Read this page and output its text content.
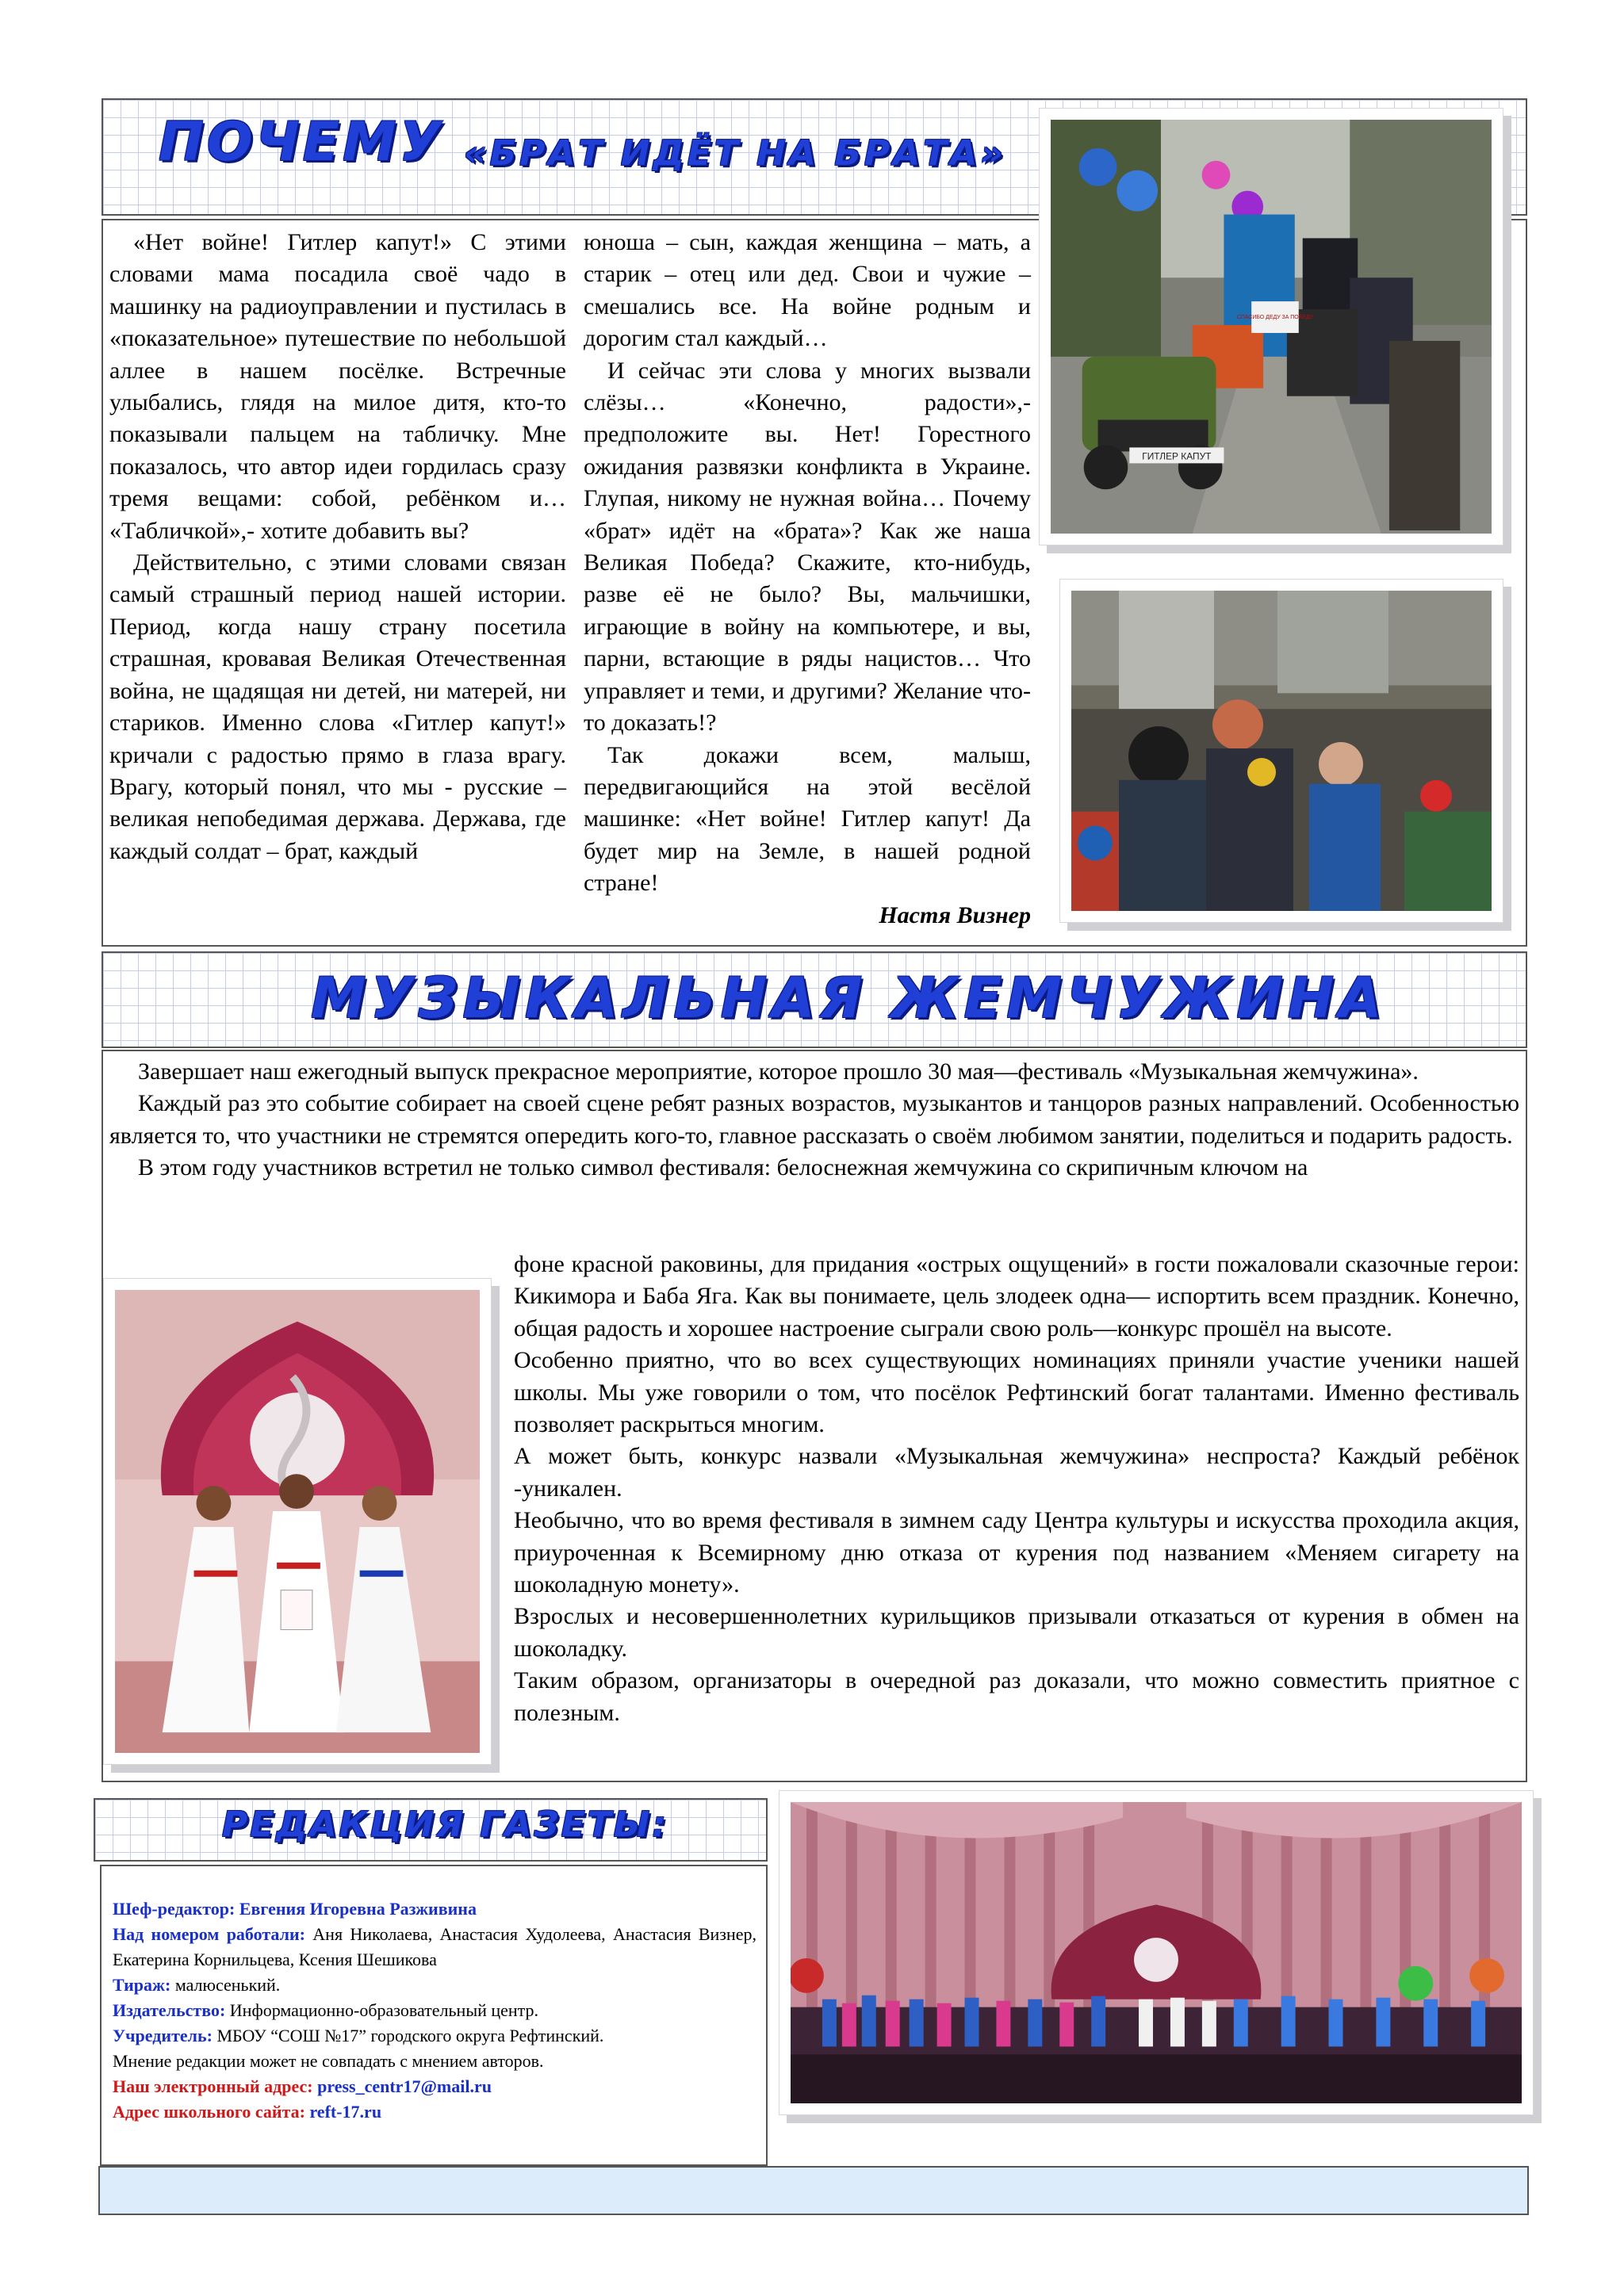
ПОЧЕМУ «БРАТ ИДЁТ НА БРАТА»

«Нет войне! Гитлер капут!» С этими словами мама посадила своё чадо в машинку на радиоуправлении и пустилась в «показательное» путешествие по небольшой аллее в нашем посёлке. Встречные улыбались, глядя на милое дитя, кто-то показывали пальцем на табличку. Мне показалось, что автор идеи гордилась сразу тремя вещами: собой, ребёнком и… «Табличкой»,- хотите добавить вы?

Действительно, с этими словами связан самый страшный период нашей истории. Период, когда нашу страну посетила страшная, кровавая Великая Отечественная война, не щадящая ни детей, ни матерей, ни стариков. Именно слова «Гитлер капут!» кричали с радостью прямо в глаза врагу. Врагу, который понял, что мы - русские – великая непобедимая держава. Держава, где каждый солдат – брат, каждый

юноша – сын, каждая женщина – мать, а старик – отец или дед. Свои и чужие – смешались все. На войне родным и дорогим стал каждый…

И сейчас эти слова у многих вызвали слёзы… «Конечно, радости»,- предположите вы. Нет! Горестного ожидания развязки конфликта в Украине. Глупая, никому не нужная война… Почему «брат» идёт на «брата»? Как же наша Великая Победа? Скажите, кто-нибудь, разве её не было? Вы, мальчишки, играющие в войну на компьютере, и вы, парни, встающие в ряды нацистов… Что управляет и теми, и другими? Желание что-то доказать!?

Так докажи всем, малыш, передвигающийся на этой весёлой машинке: «Нет войне! Гитлер капут! Да будет мир на Земле, в нашей родной стране!

Настя Визнер
ГИТЛЕР КАПУТ
СПАСИБО ДЕДУ ЗА ПОБЕДУ
МУЗЫКАЛЬНАЯ ЖЕМЧУЖИНА

Завершает наш ежегодный выпуск прекрасное мероприятие, которое прошло 30 мая—фестиваль «Музыкальная жемчужина».

Каждый раз это событие собирает на своей сцене ребят разных возрастов, музыкантов и танцоров разных направлений. Особенностью является то, что участники не стремятся опередить кого-то, главное рассказать о своём любимом занятии, поделиться и подарить радость.

В этом году участников встретил не только символ фестиваля: белоснежная жемчужина со скрипичным ключом на

фоне красной раковины, для придания «острых ощущений» в гости пожаловали сказочные герои: Кикимора и Баба Яга. Как вы понимаете, цель злодеек одна— испортить всем праздник. Конечно, общая радость и хорошее настроение сыграли свою роль—конкурс прошёл на высоте.

Особенно приятно, что во всех существующих номинациях приняли участие ученики нашей школы. Мы уже говорили о том, что посёлок Рефтинский богат талантами. Именно фестиваль позволяет раскрыться многим.

А может быть, конкурс назвали «Музыкальная жемчужина» неспроста? Каждый ребёнок -уникален.

Необычно, что во время фестиваля в зимнем саду Центра культуры и искусства проходила акция, приуроченная к Всемирному дню отказа от курения под названием «Меняем сигарету на шоколадную монету».

Взрослых и несовершеннолетних курильщиков призывали отказаться от курения в обмен на шоколадку.

Таким образом, организаторы в очередной раз доказали, что можно совместить приятное с полезным.

РЕДАКЦИЯ ГАЗЕТЫ:
Шеф-редактор: Евгения Игоревна Разживина
Над номером работали: Аня Николаева, Анастасия Худолеева, Анастасия Визнер, Екатерина Корнильцева, Ксения Шешикова
Тираж: малюсенький.
Издательство: Информационно-образовательный центр.
Учредитель: МБОУ “СОШ №17” городского округа Рефтинский.
Мнение редакции может не совпадать с мнением авторов.
Наш электронный адрес: press_centr17@mail.ru
Адрес школьного сайта: reft-17.ru
